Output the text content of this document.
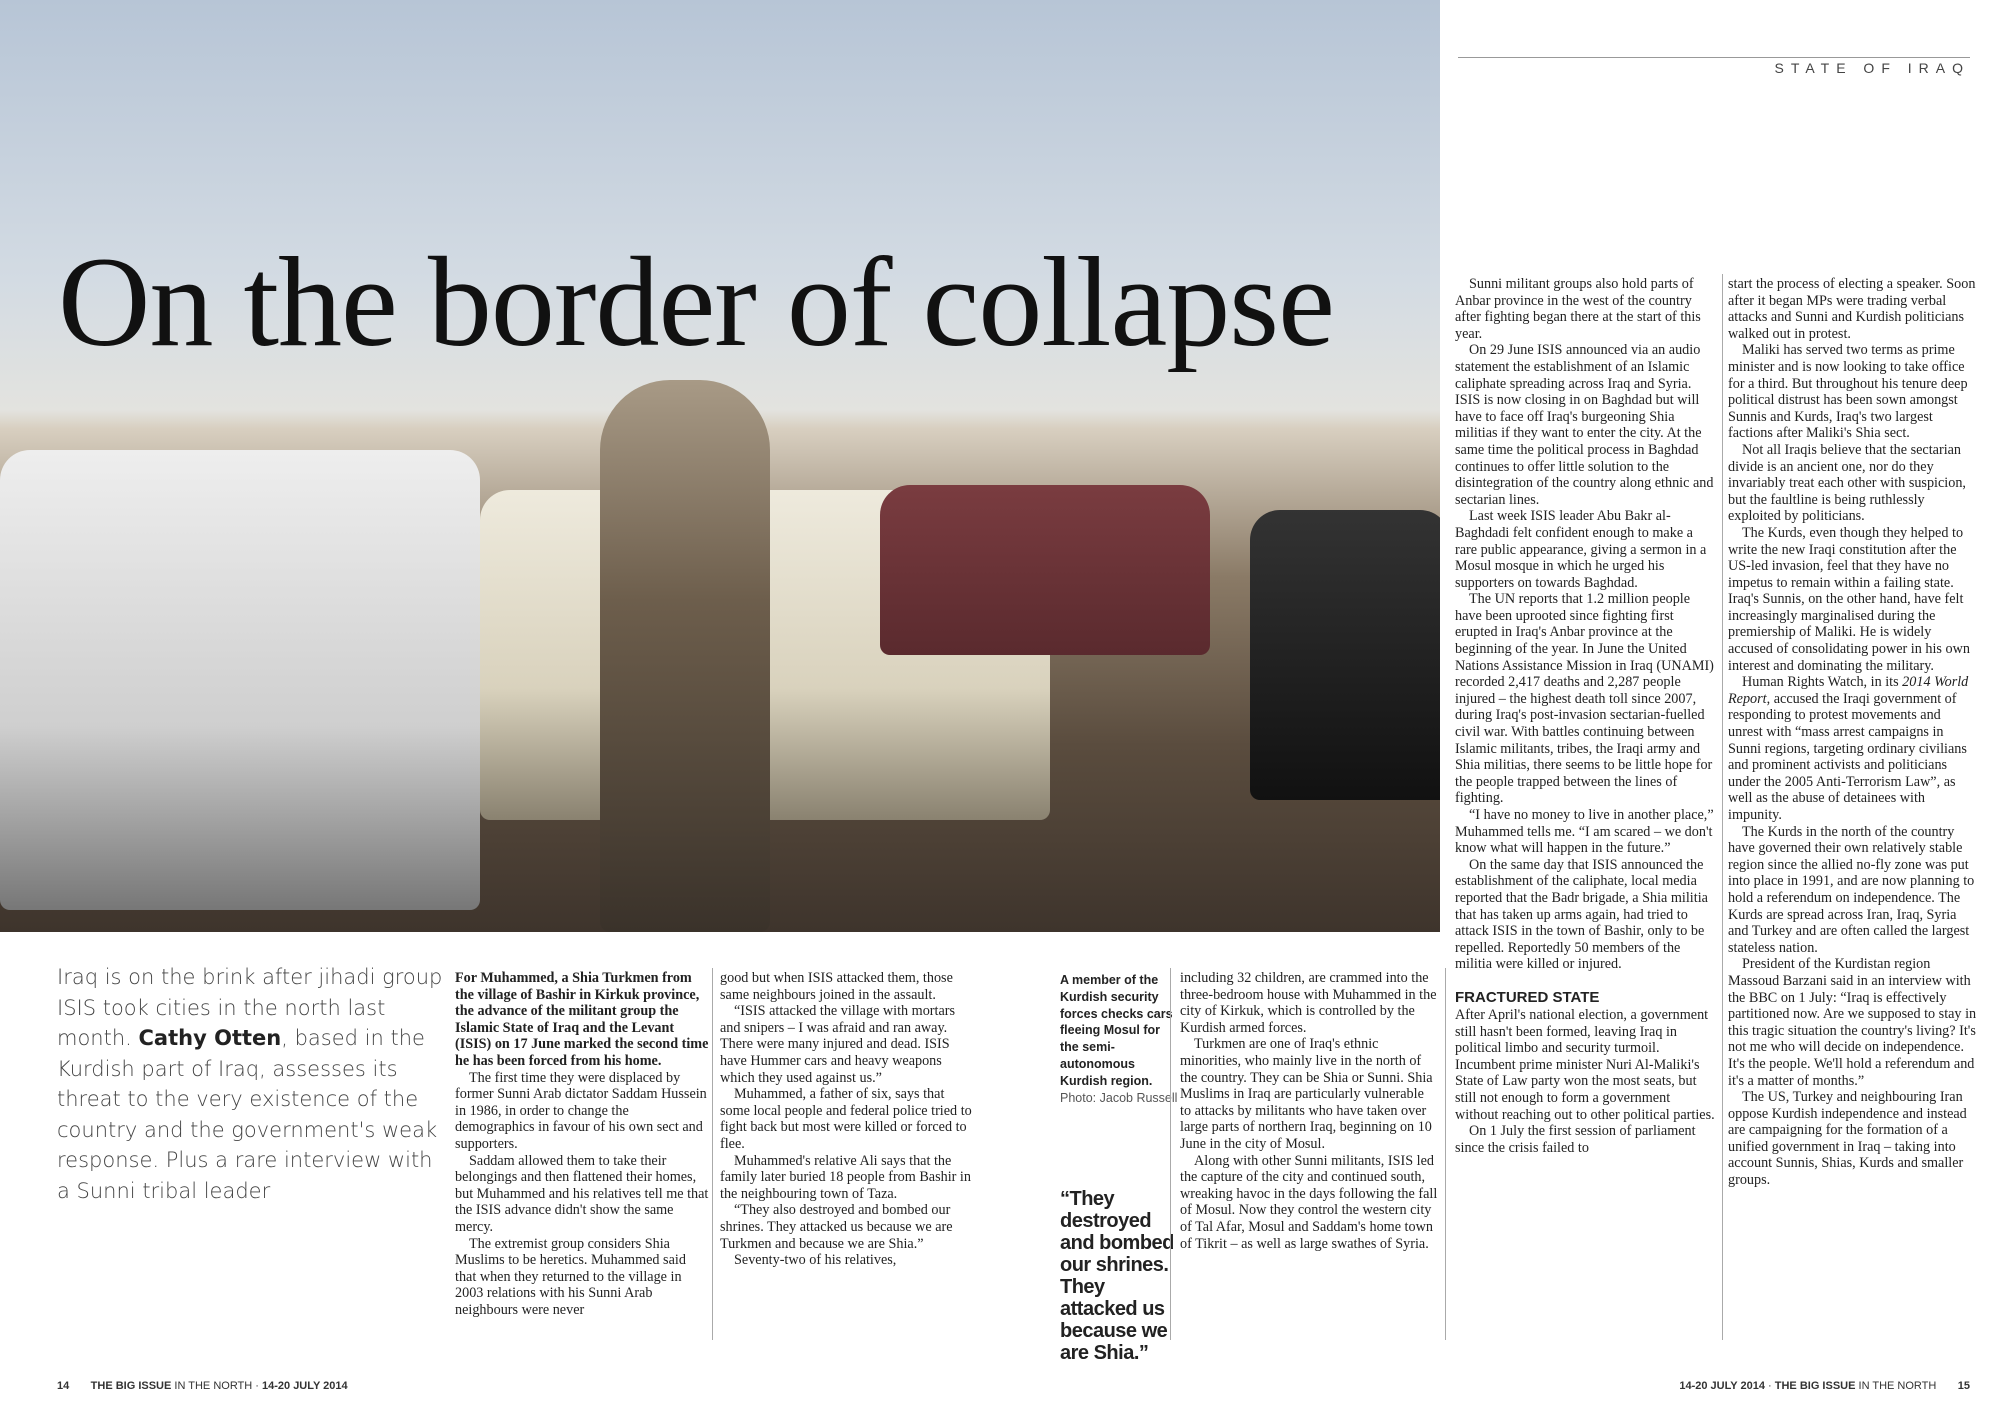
On the border of collapse
STATE OF IRAQ
Iraq is on the brink after jihadi group ISIS took cities in the north last month. Cathy Otten, based in the Kurdish part of Iraq, assesses its threat to the very existence of the country and the government's weak response. Plus a rare interview with a Sunni tribal leader

For Muhammed, a Shia Turkmen from the village of Bashir in Kirkuk province, the advance of the militant group the Islamic State of Iraq and the Levant (ISIS) on 17 June marked the second time he has been forced from his home.

The first time they were displaced by former Sunni Arab dictator Saddam Hussein in 1986, in order to change the demographics in favour of his own sect and supporters.

Saddam allowed them to take their belongings and then flattened their homes, but Muhammed and his relatives tell me that the ISIS advance didn't show the same mercy.

The extremist group considers Shia Muslims to be heretics. Muhammed said that when they returned to the village in 2003 relations with his Sunni Arab neighbours were never

good but when ISIS attacked them, those same neighbours joined in the assault.

“ISIS attacked the village with mortars and snipers – I was afraid and ran away. There were many injured and dead. ISIS have Hummer cars and heavy weapons which they used against us.”

Muhammed, a father of six, says that some local people and federal police tried to fight back but most were killed or forced to flee.

Muhammed's relative Ali says that the family later buried 18 people from Bashir in the neighbouring town of Taza.

“They also destroyed and bombed our shrines. They attacked us because we are Turkmen and because we are Shia.”

Seventy-two of his relatives,

A member of the Kurdish security forces checks cars fleeing Mosul for the semi-autonomous Kurdish region.
Photo: Jacob Russell
“They destroyed and bombed our shrines. They attacked us because we are Shia.”

including 32 children, are crammed into the three-bedroom house with Muhammed in the city of Kirkuk, which is controlled by the Kurdish armed forces.

Turkmen are one of Iraq's ethnic minorities, who mainly live in the north of the country. They can be Shia or Sunni. Shia Muslims in Iraq are particularly vulnerable to attacks by militants who have taken over large parts of northern Iraq, beginning on 10 June in the city of Mosul.

Along with other Sunni militants, ISIS led the capture of the city and continued south, wreaking havoc in the days following the fall of Mosul. Now they control the western city of Tal Afar, Mosul and Saddam's home town of Tikrit – as well as large swathes of Syria.

Sunni militant groups also hold parts of Anbar province in the west of the country after fighting began there at the start of this year.

On 29 June ISIS announced via an audio statement the establishment of an Islamic caliphate spreading across Iraq and Syria. ISIS is now closing in on Baghdad but will have to face off Iraq's burgeoning Shia militias if they want to enter the city. At the same time the political process in Baghdad continues to offer little solution to the disintegration of the country along ethnic and sectarian lines.

Last week ISIS leader Abu Bakr al-Baghdadi felt confident enough to make a rare public appearance, giving a sermon in a Mosul mosque in which he urged his supporters on towards Baghdad.

The UN reports that 1.2 million people have been uprooted since fighting first erupted in Iraq's Anbar province at the beginning of the year. In June the United Nations Assistance Mission in Iraq (UNAMI) recorded 2,417 deaths and 2,287 people injured – the highest death toll since 2007, during Iraq's post-invasion sectarian-fuelled civil war. With battles continuing between Islamic militants, tribes, the Iraqi army and Shia militias, there seems to be little hope for the people trapped between the lines of fighting.

“I have no money to live in another place,” Muhammed tells me. “I am scared – we don't know what will happen in the future.”

On the same day that ISIS announced the establishment of the caliphate, local media reported that the Badr brigade, a Shia militia that has taken up arms again, had tried to attack ISIS in the town of Bashir, only to be repelled. Reportedly 50 members of the militia were killed or injured.

FRACTURED STATE

After April's national election, a government still hasn't been formed, leaving Iraq in political limbo and security turmoil. Incumbent prime minister Nuri Al-Maliki's State of Law party won the most seats, but still not enough to form a government without reaching out to other political parties.

On 1 July the first session of parliament since the crisis failed to

start the process of electing a speaker. Soon after it began MPs were trading verbal attacks and Sunni and Kurdish politicians walked out in protest.

Maliki has served two terms as prime minister and is now looking to take office for a third. But throughout his tenure deep political distrust has been sown amongst Sunnis and Kurds, Iraq's two largest factions after Maliki's Shia sect.

Not all Iraqis believe that the sectarian divide is an ancient one, nor do they invariably treat each other with suspicion, but the faultline is being ruthlessly exploited by politicians.

The Kurds, even though they helped to write the new Iraqi constitution after the US-led invasion, feel that they have no impetus to remain within a failing state. Iraq's Sunnis, on the other hand, have felt increasingly marginalised during the premiership of Maliki. He is widely accused of consolidating power in his own interest and dominating the military.

Human Rights Watch, in its 2014 World Report, accused the Iraqi government of responding to protest movements and unrest with “mass arrest campaigns in Sunni regions, targeting ordinary civilians and prominent activists and politicians under the 2005 Anti-Terrorism Law”, as well as the abuse of detainees with impunity.

The Kurds in the north of the country have governed their own relatively stable region since the allied no-fly zone was put into place in 1991, and are now planning to hold a referendum on independence. The Kurds are spread across Iran, Iraq, Syria and Turkey and are often called the largest stateless nation.

President of the Kurdistan region Massoud Barzani said in an interview with the BBC on 1 July: “Iraq is effectively partitioned now. Are we supposed to stay in this tragic situation the country's living? It's not me who will decide on independence. It's the people. We'll hold a referendum and it's a matter of months.”

The US, Turkey and neighbouring Iran oppose Kurdish independence and instead are campaigning for the formation of a unified government in Iraq – taking into account Sunnis, Shias, Kurds and smaller groups.

14 THE BIG ISSUE IN THE NORTH · 14-20 JULY 2014	14-20 JULY 2014 · THE BIG ISSUE IN THE NORTH 15
